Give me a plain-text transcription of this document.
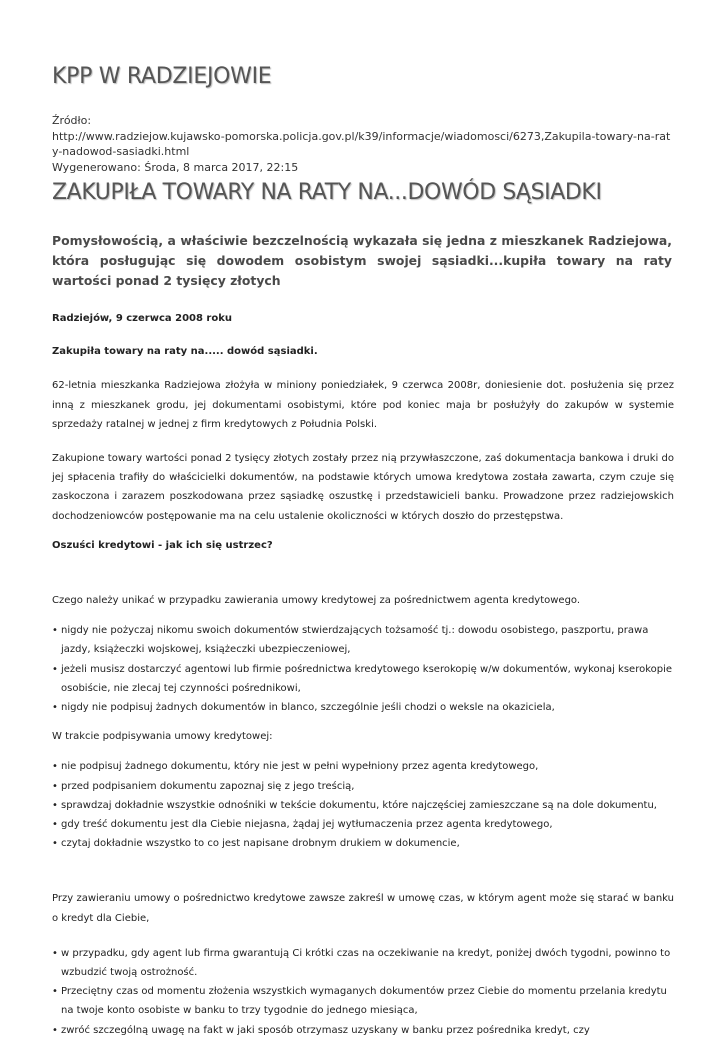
KPP W RADZIEJOWIE
Źródło:
http://www.radziejow.kujawsko-pomorska.policja.gov.pl/k39/informacje/wiadomosci/6273,Zakupila-towary-na-raty-nadowod-sasiadki.html
Wygenerowano: Środa, 8 marca 2017, 22:15
ZAKUPIŁA TOWARY NA RATY NA...DOWÓD SĄSIADKI

Pomysłowością, a właściwie bezczelnością wykazała się jedna z mieszkanek Radziejowa, która posługując się dowodem osobistym swojej sąsiadki...kupiła towary na raty wartości ponad 2 tysięcy złotych

Radziejów, 9 czerwca 2008 roku

Zakupiła towary na raty na..... dowód sąsiadki.

62-letnia mieszkanka Radziejowa złożyła w miniony poniedziałek, 9 czerwca 2008r, doniesienie dot. posłużenia się przez inną z mieszkanek grodu, jej dokumentami osobistymi, które pod koniec maja br posłużyły do zakupów w systemie sprzedaży ratalnej w jednej z firm kredytowych z Południa Polski.

Zakupione towary wartości ponad 2 tysięcy złotych zostały przez nią przywłaszczone, zaś dokumentacja bankowa i druki do jej spłacenia trafiły do właścicielki dokumentów, na podstawie których umowa kredytowa została zawarta, czym czuje się zaskoczona i zarazem poszkodowana przez sąsiadkę oszustkę i przedstawicieli banku. Prowadzone przez radziejowskich dochodzeniowców postępowanie ma na celu ustalenie okoliczności w których doszło do przestępstwa.

Oszuści kredytowi - jak ich się ustrzec?

Czego należy unikać w przypadku zawierania umowy kredytowej za pośrednictwem agenta kredytowego.

• nigdy nie pożyczaj nikomu swoich dokumentów stwierdzających tożsamość tj.: dowodu osobistego, paszportu, prawa jazdy, książeczki wojskowej, książeczki ubezpieczeniowej,
• jeżeli musisz dostarczyć agentowi lub firmie pośrednictwa kredytowego kserokopię w/w dokumentów, wykonaj kserokopie osobiście, nie zlecaj tej czynności pośrednikowi,
• nigdy nie podpisuj żadnych dokumentów in blanco, szczególnie jeśli chodzi o weksle na okaziciela,

W trakcie podpisywania umowy kredytowej:

• nie podpisuj żadnego dokumentu, który nie jest w pełni wypełniony przez agenta kredytowego,
• przed podpisaniem dokumentu zapoznaj się z jego treścią,
• sprawdzaj dokładnie wszystkie odnośniki w tekście dokumentu, które najczęściej zamieszczane są na dole dokumentu,
• gdy treść dokumentu jest dla Ciebie niejasna, żądaj jej wytłumaczenia przez agenta kredytowego,
• czytaj dokładnie wszystko to co jest napisane drobnym drukiem w dokumencie,

Przy zawieraniu umowy o pośrednictwo kredytowe zawsze zakreśl w umowę czas, w którym agent może się starać w banku o kredyt dla Ciebie,

• w przypadku, gdy agent lub firma gwarantują Ci krótki czas na oczekiwanie na kredyt, poniżej dwóch tygodni, powinno to wzbudzić twoją ostrożność.
• Przeciętny czas od momentu złożenia wszystkich wymaganych dokumentów przez Ciebie do momentu przelania kredytu na twoje konto osobiste w banku to trzy tygodnie do jednego miesiąca,
• zwróć szczególną uwagę na fakt w jaki sposób otrzymasz uzyskany w banku przez pośrednika kredyt, czy
